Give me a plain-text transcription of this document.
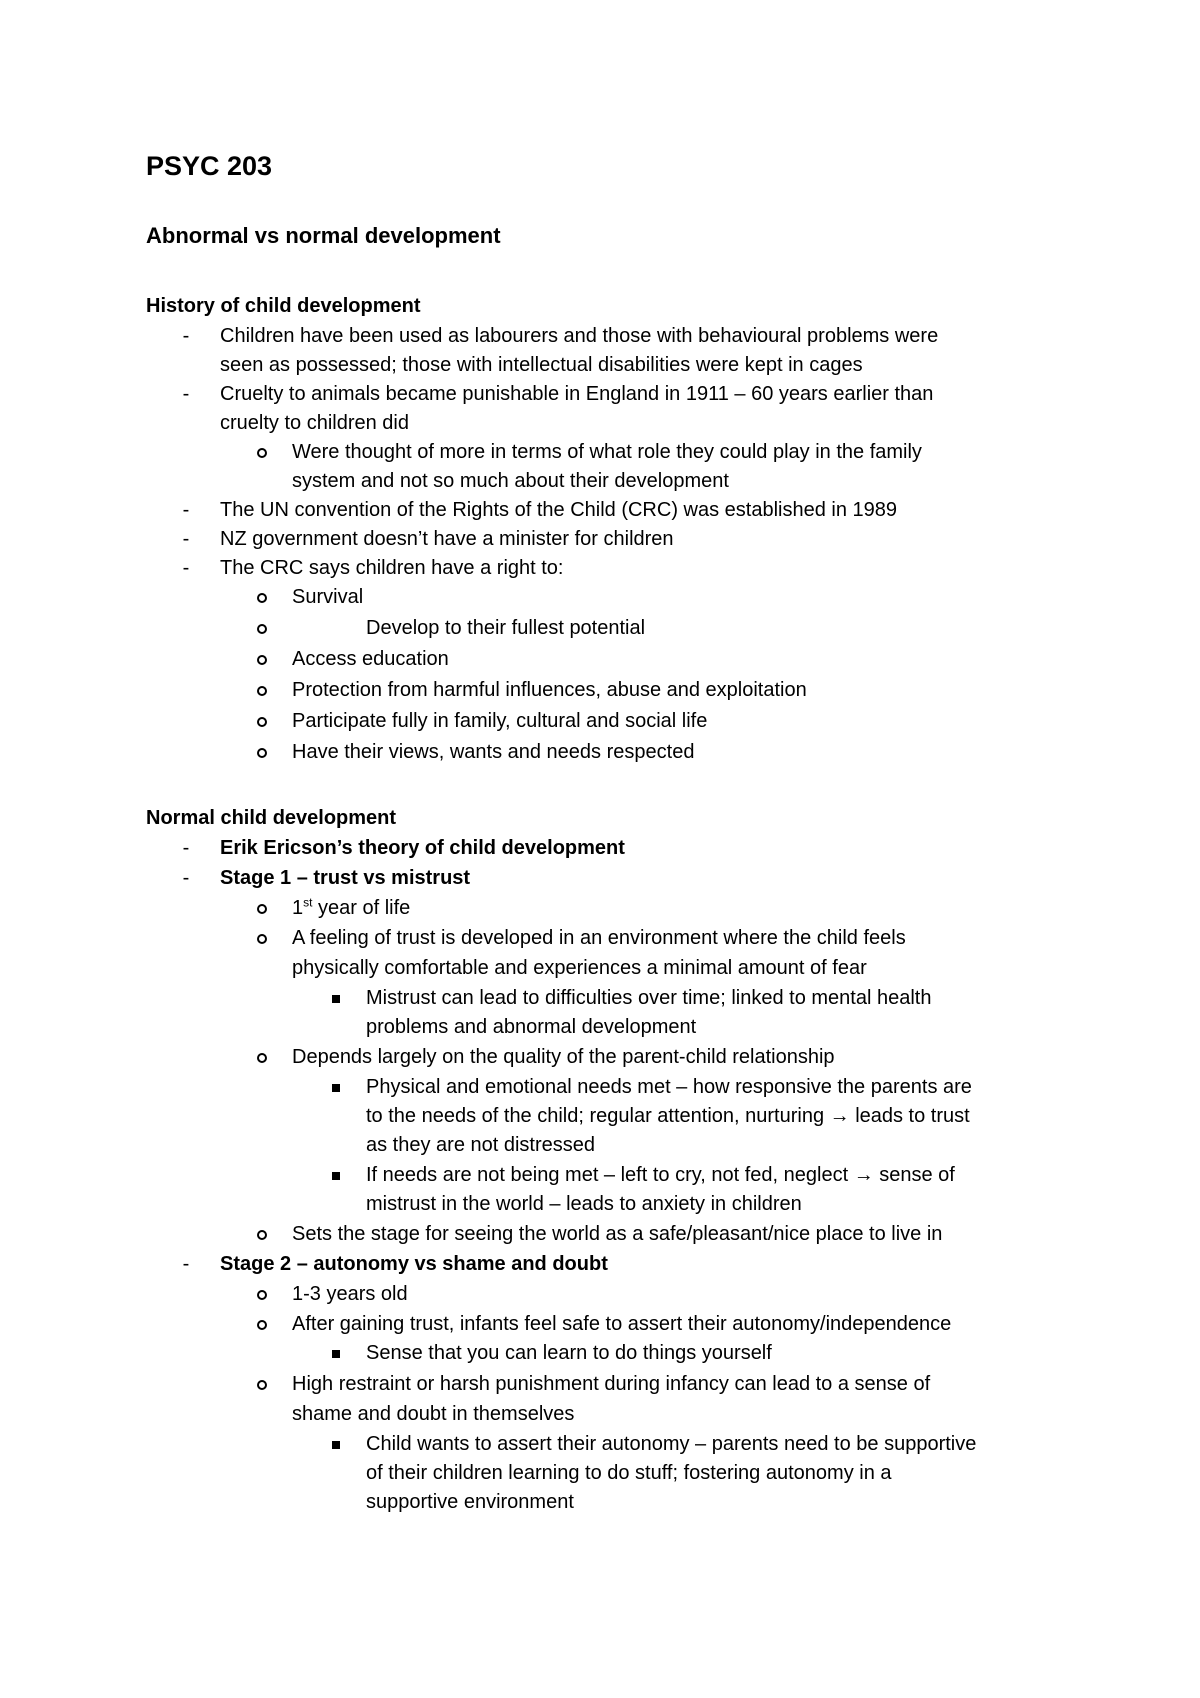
PSYC 203
Abnormal vs normal development
History of child development
- Children have been used as labourers and those with behavioural problems were
seen as possessed; those with intellectual disabilities were kept in cages
- Cruelty to animals became punishable in England in 1911 – 60 years earlier than
cruelty to children did
Were thought of more in terms of what role they could play in the family
system and not so much about their development
- The UN convention of the Rights of the Child (CRC) was established in 1989
- NZ government doesn’t have a minister for children
- The CRC says children have a right to:
Survival
Develop to their fullest potential
Access education
Protection from harmful influences, abuse and exploitation
Participate fully in family, cultural and social life
Have their views, wants and needs respected
Normal child development
- Erik Ericson’s theory of child development
- Stage 1 – trust vs mistrust
1st year of life
A feeling of trust is developed in an environment where the child feels
physically comfortable and experiences a minimal amount of fear
Mistrust can lead to difficulties over time; linked to mental health
problems and abnormal development
Depends largely on the quality of the parent-child relationship
Physical and emotional needs met – how responsive the parents are
to the needs of the child; regular attention, nurturing → leads to trust
as they are not distressed
If needs are not being met – left to cry, not fed, neglect → sense of
mistrust in the world – leads to anxiety in children
Sets the stage for seeing the world as a safe/pleasant/nice place to live in
- Stage 2 – autonomy vs shame and doubt
1-3 years old
After gaining trust, infants feel safe to assert their autonomy/independence
Sense that you can learn to do things yourself
High restraint or harsh punishment during infancy can lead to a sense of
shame and doubt in themselves
Child wants to assert their autonomy – parents need to be supportive
of their children learning to do stuff; fostering autonomy in a
supportive environment
